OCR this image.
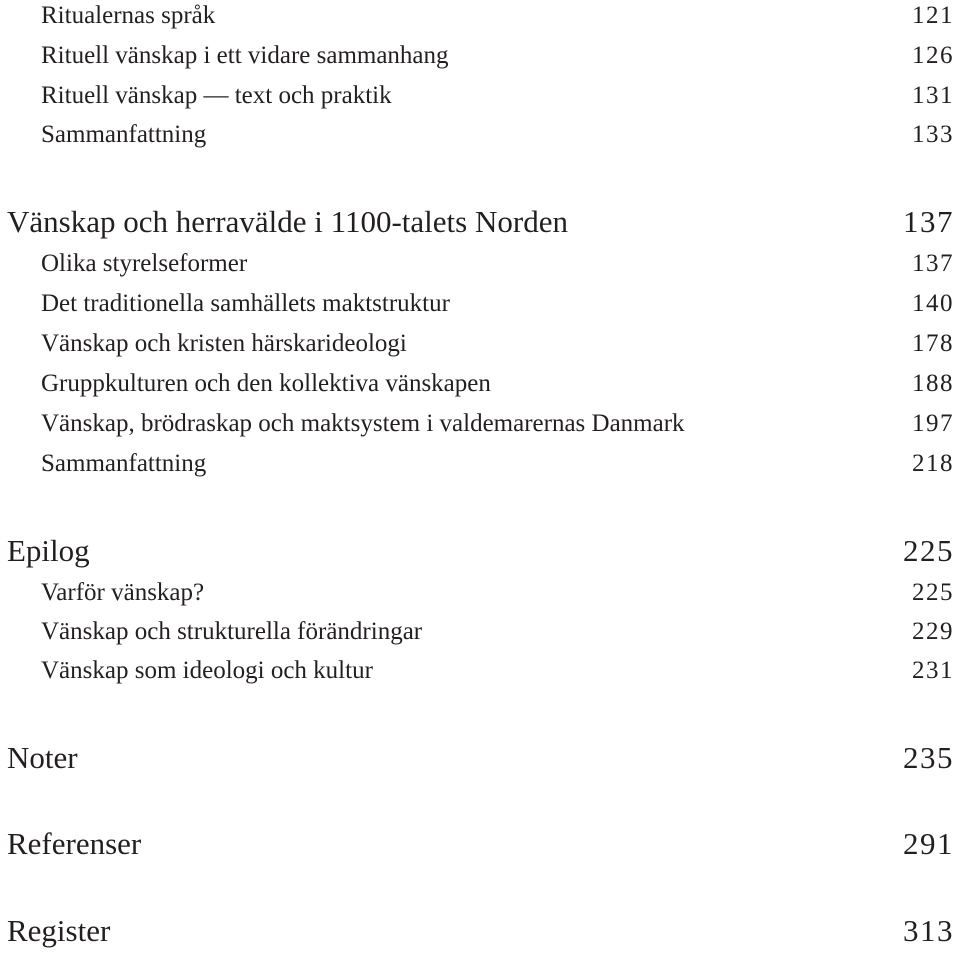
Ritualernas språk	121
Rituell vänskap i ett vidare sammanhang	126
Rituell vänskap — text och praktik	131
Sammanfattning	133
Vänskap och herravälde i 1100-talets Norden	137
Olika styrelseformer	137
Det traditionella samhällets maktstruktur	140
Vänskap och kristen härskarideologi	178
Gruppkulturen och den kollektiva vänskapen	188
Vänskap, brödraskap och maktsystem i valdemarernas Danmark	197
Sammanfattning	218
Epilog	225
Varför vänskap?	225
Vänskap och strukturella förändringar	229
Vänskap som ideologi och kultur	231
Noter	235
Referenser	291
Register	313
